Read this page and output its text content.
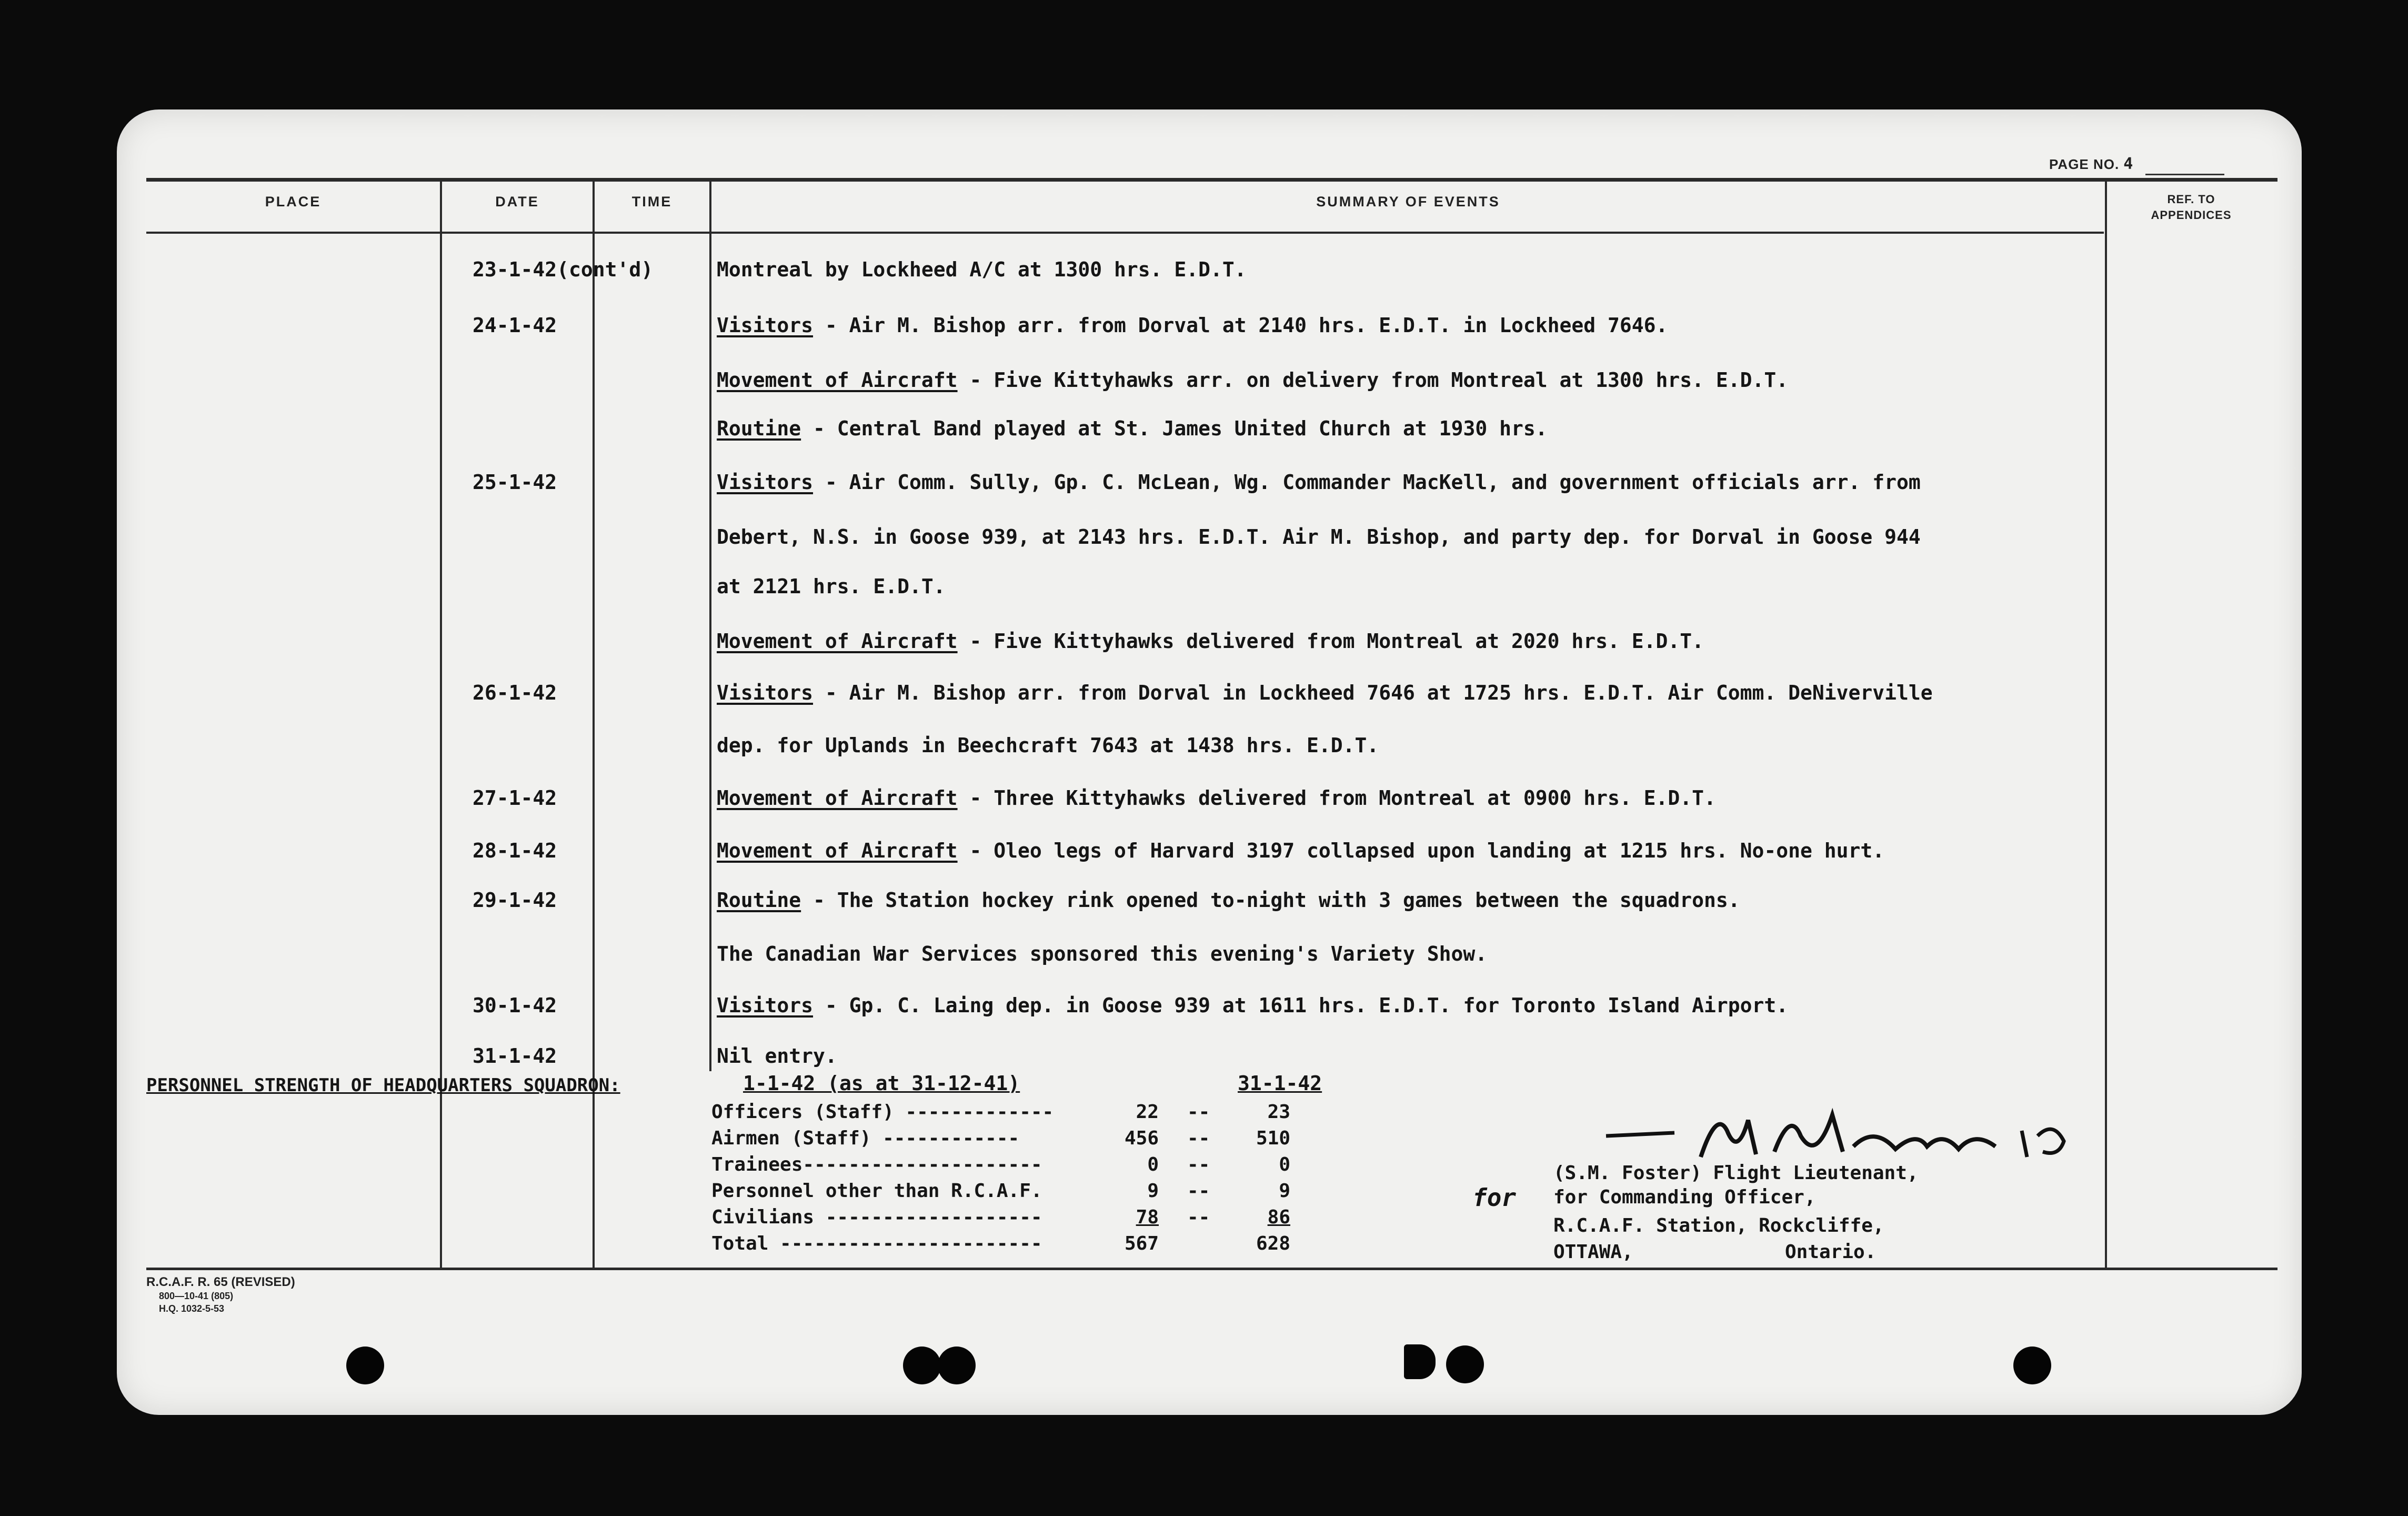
PAGE NO. 4
PLACE	DATE	TIME	SUMMARY OF EVENTS	REF. TO
APPENDICES
23-1-42(cont'd)	Montreal by Lockheed A/C at 1300 hrs. E.D.T.
24-1-42	Visitors - Air M. Bishop arr. from Dorval at 2140 hrs. E.D.T. in Lockheed 7646.
Movement of Aircraft - Five Kittyhawks arr. on delivery from Montreal at 1300 hrs. E.D.T.
Routine - Central Band played at St. James United Church at 1930 hrs.
25-1-42	Visitors - Air Comm. Sully, Gp. C. McLean, Wg. Commander MacKell, and government officials arr. from
Debert, N.S. in Goose 939, at 2143 hrs. E.D.T. Air M. Bishop, and party dep. for Dorval in Goose 944
at 2121 hrs. E.D.T.
Movement of Aircraft - Five Kittyhawks delivered from Montreal at 2020 hrs. E.D.T.
26-1-42	Visitors - Air M. Bishop arr. from Dorval in Lockheed 7646 at 1725 hrs. E.D.T. Air Comm. DeNiverville
dep. for Uplands in Beechcraft 7643 at 1438 hrs. E.D.T.
27-1-42	Movement of Aircraft - Three Kittyhawks delivered from Montreal at 0900 hrs. E.D.T.
28-1-42	Movement of Aircraft - Oleo legs of Harvard 3197 collapsed upon landing at 1215 hrs. No-one hurt.
29-1-42	Routine - The Station hockey rink opened to-night with 3 games between the squadrons.
The Canadian War Services sponsored this evening's Variety Show.
30-1-42	Visitors - Gp. C. Laing dep. in Goose 939 at 1611 hrs. E.D.T. for Toronto Island Airport.
31-1-42	Nil entry.
PERSONNEL STRENGTH OF HEADQUARTERS SQUADRON:	1-1-42 (as at 31-12-41)	31-1-42
Officers (Staff) -------------	22 --	23
Airmen (Staff) ------------	456 --	510
Trainees---------------------	0 --	0
Personnel other than R.C.A.F.	9 --	9
Civilians -------------------	78 --	86
Total -----------------------	567	628
for
(S.M. Foster) Flight Lieutenant,
for Commanding Officer,
R.C.A.F. Station, Rockcliffe,
OTTAWA,	Ontario.
R.C.A.F. R. 65 (REVISED)
800—10-41 (805)
H.Q. 1032-5-53
